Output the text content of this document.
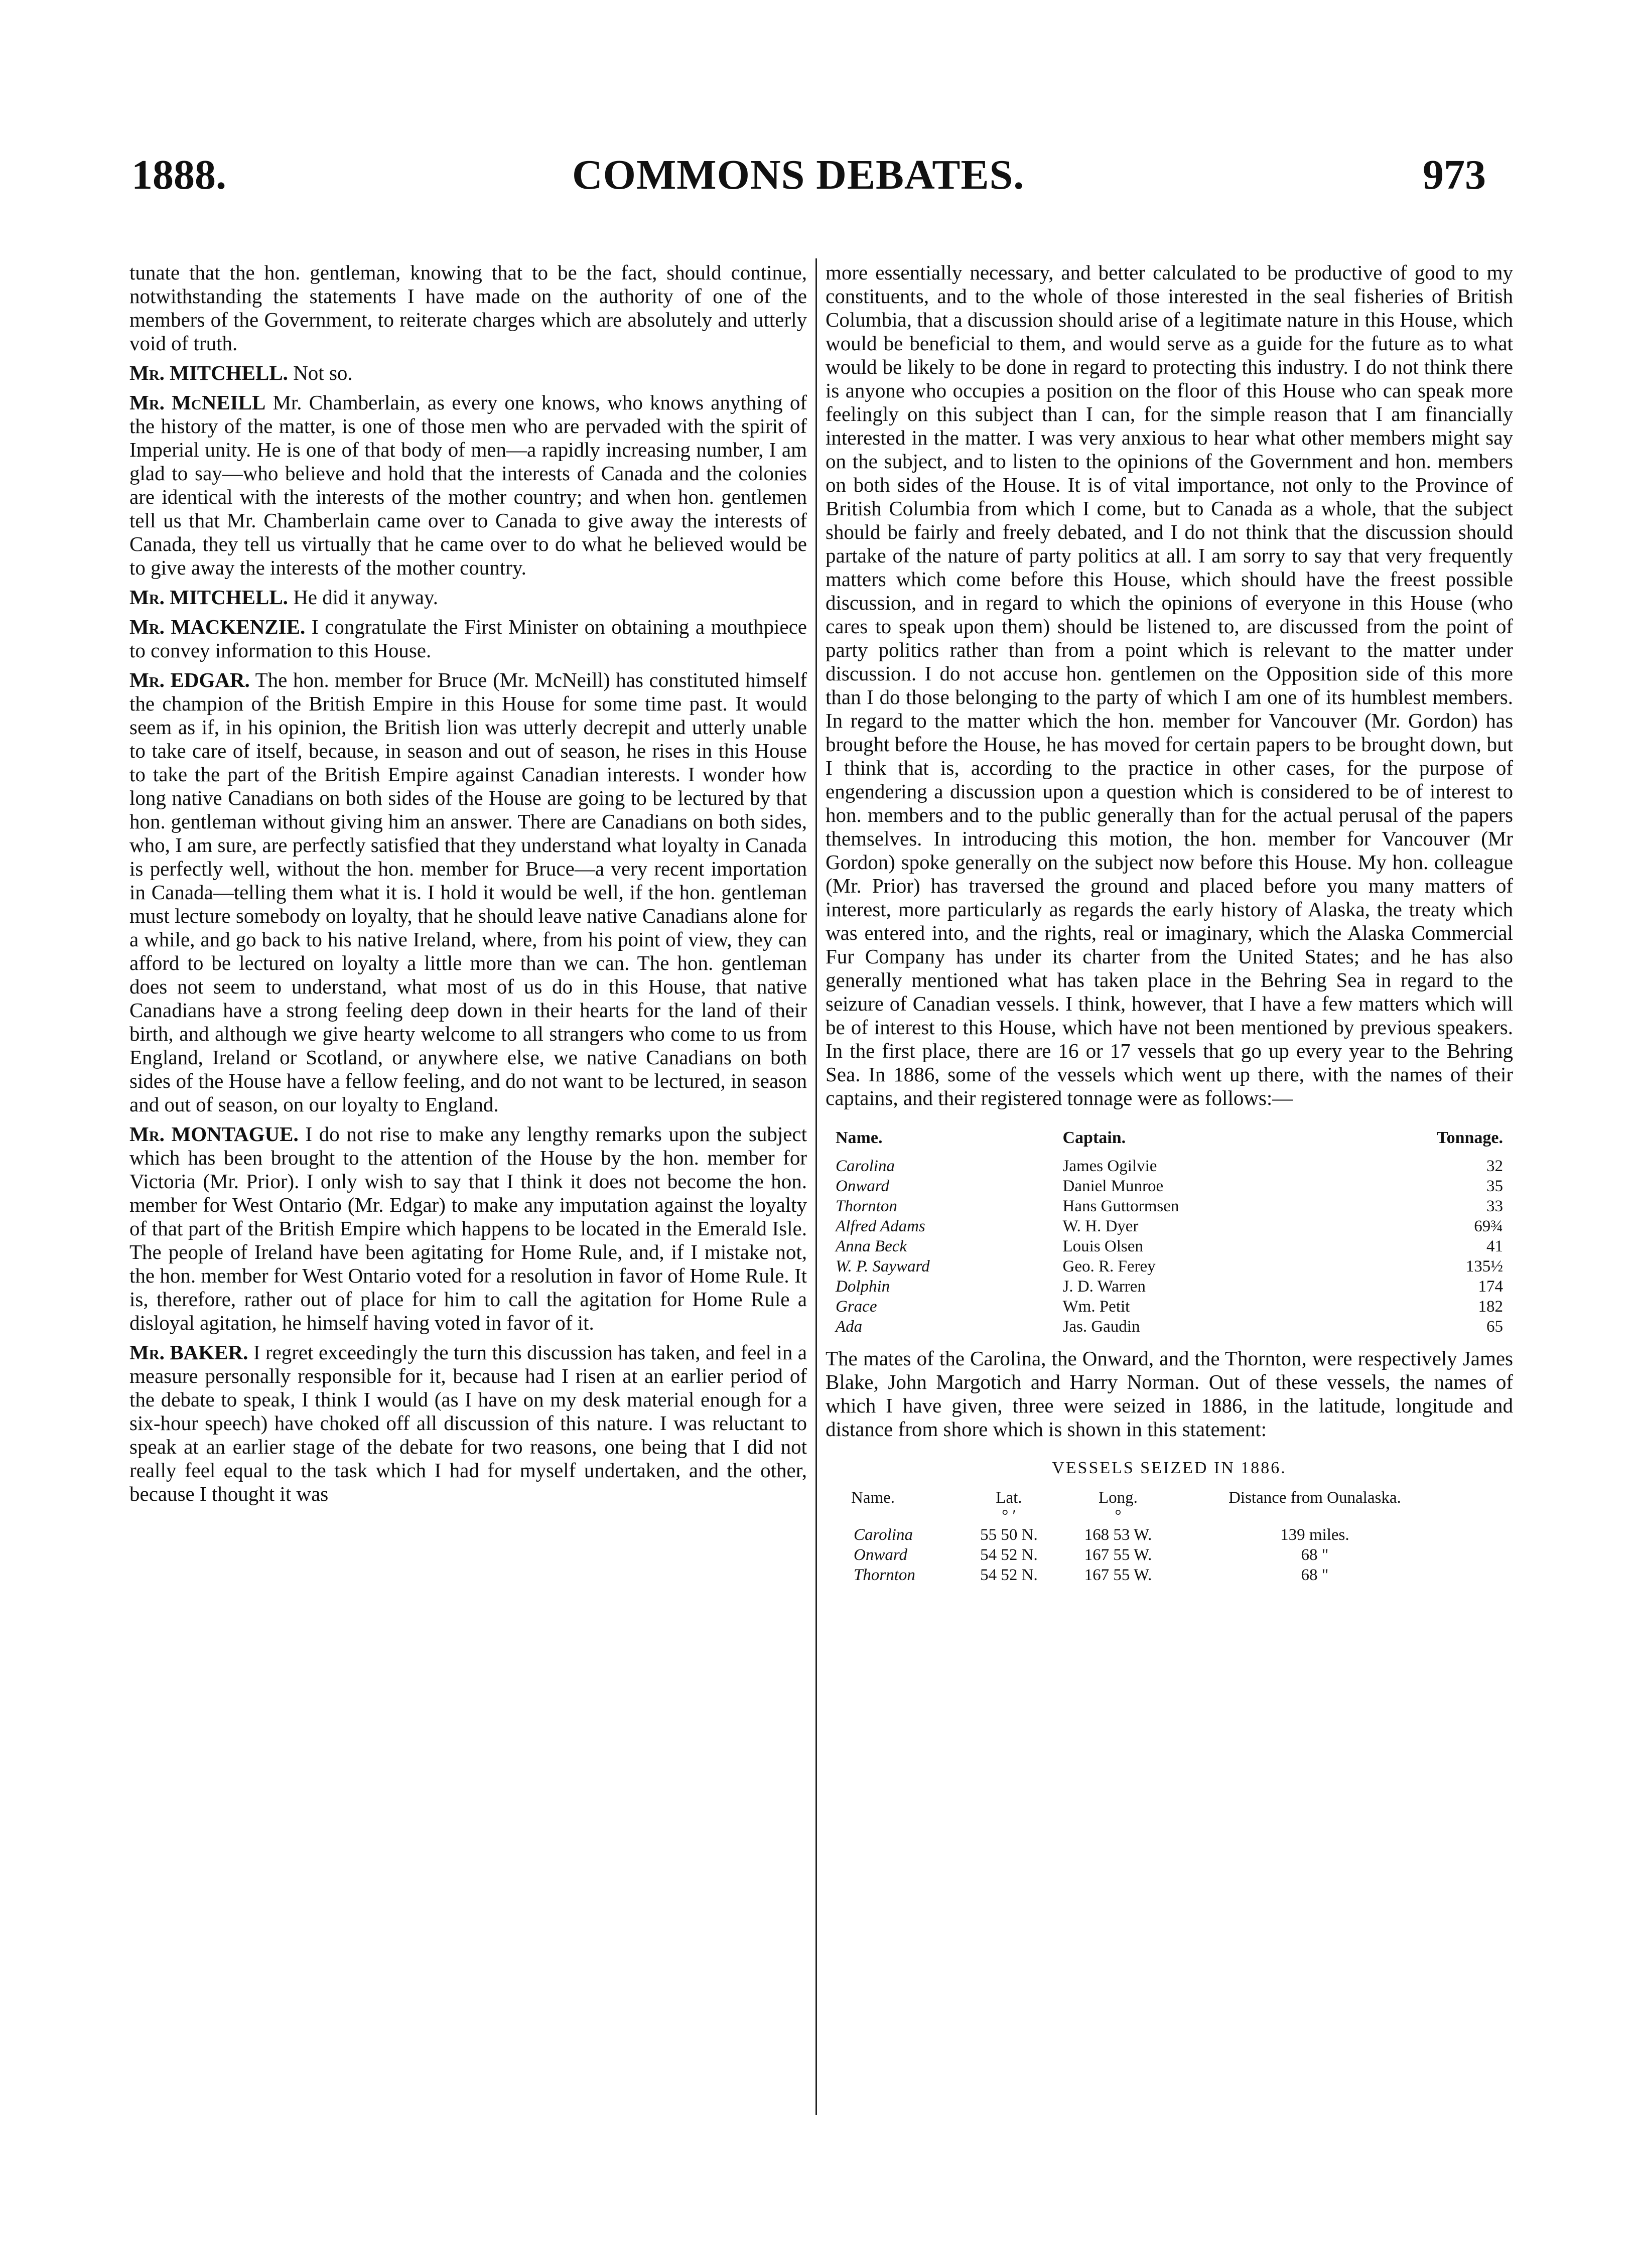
1888.	COMMONS DEBATES.	973

tunate that the hon. gentleman, knowing that to be the fact, should continue, notwithstanding the statements I have made on the authority of one of the members of the Government, to reiterate charges which are absolutely and utterly void of truth.

Mr. MITCHELL. Not so.

Mr. McNEILL Mr. Chamberlain, as every one knows, who knows anything of the history of the matter, is one of those men who are pervaded with the spirit of Imperial unity. He is one of that body of men—a rapidly increasing number, I am glad to say—who believe and hold that the interests of Canada and the colonies are identical with the interests of the mother country; and when hon. gentlemen tell us that Mr. Chamberlain came over to Canada to give away the interests of Canada, they tell us virtually that he came over to do what he believed would be to give away the interests of the mother country.

Mr. MITCHELL. He did it anyway.

Mr. MACKENZIE. I congratulate the First Minister on obtaining a mouthpiece to convey information to this House.

Mr. EDGAR. The hon. member for Bruce (Mr. McNeill) has constituted himself the champion of the British Empire in this House for some time past. It would seem as if, in his opinion, the British lion was utterly decrepit and utterly unable to take care of itself, because, in season and out of season, he rises in this House to take the part of the British Empire against Canadian interests. I wonder how long native Canadians on both sides of the House are going to be lectured by that hon. gentleman without giving him an answer. There are Canadians on both sides, who, I am sure, are perfectly satisfied that they understand what loyalty in Canada is perfectly well, without the hon. member for Bruce—a very recent importation in Canada—telling them what it is. I hold it would be well, if the hon. gentleman must lecture somebody on loyalty, that he should leave native Canadians alone for a while, and go back to his native Ireland, where, from his point of view, they can afford to be lectured on loyalty a little more than we can. The hon. gentleman does not seem to understand, what most of us do in this House, that native Canadians have a strong feeling deep down in their hearts for the land of their birth, and although we give hearty welcome to all strangers who come to us from England, Ireland or Scotland, or anywhere else, we native Canadians on both sides of the House have a fellow feeling, and do not want to be lectured, in season and out of season, on our loyalty to England.

Mr. MONTAGUE. I do not rise to make any lengthy remarks upon the subject which has been brought to the attention of the House by the hon. member for Victoria (Mr. Prior). I only wish to say that I think it does not become the hon. member for West Ontario (Mr. Edgar) to make any imputation against the loyalty of that part of the British Empire which happens to be located in the Emerald Isle. The people of Ireland have been agitating for Home Rule, and, if I mistake not, the hon. member for West Ontario voted for a resolution in favor of Home Rule. It is, therefore, rather out of place for him to call the agitation for Home Rule a disloyal agitation, he himself having voted in favor of it.

Mr. BAKER. I regret exceedingly the turn this discussion has taken, and feel in a measure personally responsible for it, because had I risen at an earlier period of the debate to speak, I think I would (as I have on my desk material enough for a six-hour speech) have choked off all discussion of this nature. I was reluctant to speak at an earlier stage of the debate for two reasons, one being that I did not really feel equal to the task which I had for myself undertaken, and the other, because I thought it was

more essentially necessary, and better calculated to be productive of good to my constituents, and to the whole of those interested in the seal fisheries of British Columbia, that a discussion should arise of a legitimate nature in this House, which would be beneficial to them, and would serve as a guide for the future as to what would be likely to be done in regard to protecting this industry. I do not think there is anyone who occupies a position on the floor of this House who can speak more feelingly on this subject than I can, for the simple reason that I am financially interested in the matter. I was very anxious to hear what other members might say on the subject, and to listen to the opinions of the Government and hon. members on both sides of the House. It is of vital importance, not only to the Province of British Columbia from which I come, but to Canada as a whole, that the subject should be fairly and freely debated, and I do not think that the discussion should partake of the nature of party politics at all. I am sorry to say that very frequently matters which come before this House, which should have the freest possible discussion, and in regard to which the opinions of everyone in this House (who cares to speak upon them) should be listened to, are discussed from the point of party politics rather than from a point which is relevant to the matter under discussion. I do not accuse hon. gentlemen on the Opposition side of this more than I do those belonging to the party of which I am one of its humblest members. In regard to the matter which the hon. member for Vancouver (Mr. Gordon) has brought before the House, he has moved for certain papers to be brought down, but I think that is, according to the practice in other cases, for the purpose of engendering a discussion upon a question which is considered to be of interest to hon. members and to the public generally than for the actual perusal of the papers themselves. In introducing this motion, the hon. member for Vancouver (Mr Gordon) spoke generally on the subject now before this House. My hon. colleague (Mr. Prior) has traversed the ground and placed before you many matters of interest, more particularly as regards the early history of Alaska, the treaty which was entered into, and the rights, real or imaginary, which the Alaska Commercial Fur Company has under its charter from the United States; and he has also generally mentioned what has taken place in the Behring Sea in regard to the seizure of Canadian vessels. I think, however, that I have a few matters which will be of interest to this House, which have not been mentioned by previous speakers. In the first place, there are 16 or 17 vessels that go up every year to the Behring Sea. In 1886, some of the vessels which went up there, with the names of their captains, and their registered tonnage were as follows:—

Name.	Captain.	Tonnage.
Carolina	James Ogilvie	32
Onward	Daniel Munroe	35
Thornton	Hans Guttormsen	33
Alfred Adams	W. H. Dyer	69¾
Anna Beck	Louis Olsen	41
W. P. Sayward	Geo. R. Ferey	135½
Dolphin	J. D. Warren	174
Grace	Wm. Petit	182
Ada	Jas. Gaudin	65

The mates of the Carolina, the Onward, and the Thornton, were respectively James Blake, John Margotich and Harry Norman. Out of these vessels, the names of which I have given, three were seized in 1886, in the latitude, longitude and distance from shore which is shown in this statement:

VESSELS SEIZED IN 1886.
Name.	Lat.	Long.	Distance from Ounalaska.
	° ′	°	
Carolina	55 50 N.	168 53 W.	139 miles.
Onward	54 52 N.	167 55 W.	68 "
Thornton	54 52 N.	167 55 W.	68 "
